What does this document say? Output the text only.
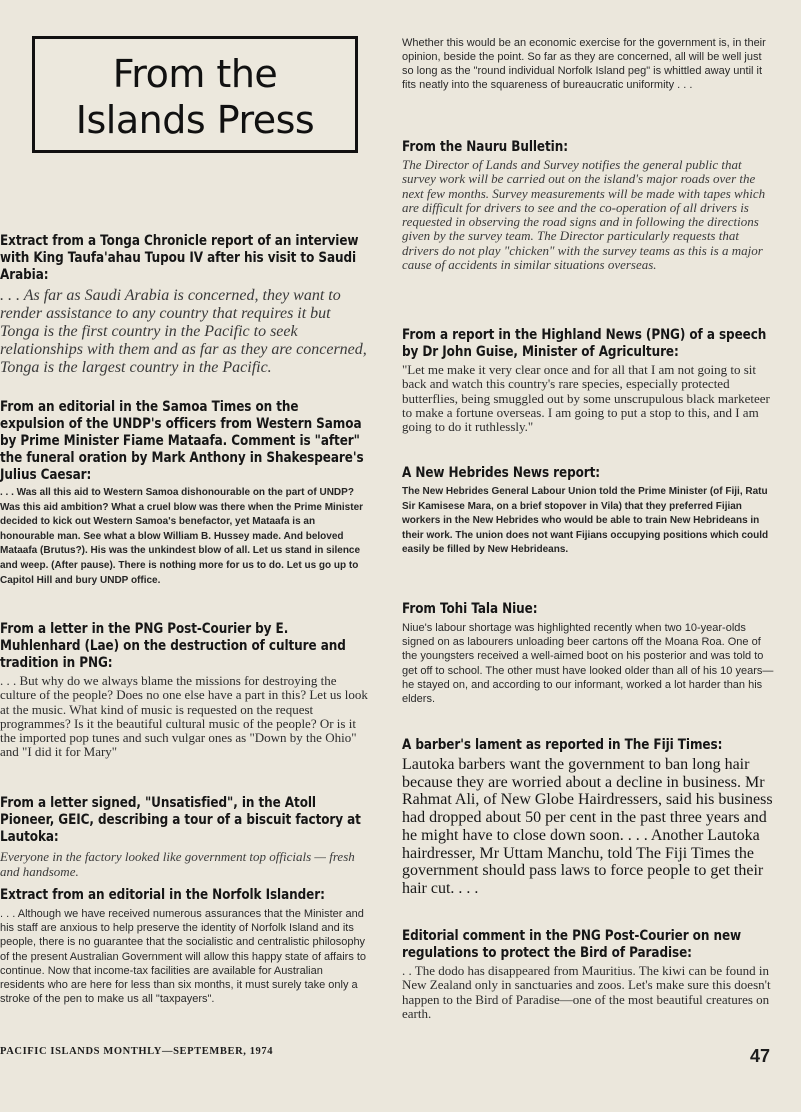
From the
Islands Press

Extract from a Tonga Chronicle report of an interview with King Taufa'ahau Tupou IV after his visit to Saudi Arabia:

. . . As far as Saudi Arabia is concerned, they want to render assistance to any country that requires it but Tonga is the first country in the Pacific to seek relationships with them and as far as they are concerned, Tonga is the largest country in the Pacific.

From an editorial in the Samoa Times on the expulsion of the UNDP's officers from Western Samoa by Prime Minister Fiame Mataafa. Comment is "after" the funeral oration by Mark Anthony in Shakespeare's Julius Caesar:

. . . Was all this aid to Western Samoa dishonourable on the part of UNDP? Was this aid ambition? What a cruel blow was there when the Prime Minister decided to kick out Western Samoa's benefactor, yet Mataafa is an honourable man. See what a blow William B. Hussey made. And beloved Mataafa (Brutus?). His was the unkindest blow of all. Let us stand in silence and weep. (After pause). There is nothing more for us to do. Let us go up to Capitol Hill and bury UNDP office.

From a letter in the PNG Post-Courier by E. Muhlenhard (Lae) on the destruction of culture and tradition in PNG:

. . . But why do we always blame the missions for destroying the culture of the people? Does no one else have a part in this? Let us look at the music. What kind of music is requested on the request programmes? Is it the beautiful cultural music of the people? Or is it the imported pop tunes and such vulgar ones as "Down by the Ohio" and "I did it for Mary"

From a letter signed, "Unsatisfied", in the Atoll Pioneer, GEIC, describing a tour of a biscuit factory at Lautoka:

Everyone in the factory looked like government top officials — fresh and handsome.

Extract from an editorial in the Norfolk Islander:

. . . Although we have received numerous assurances that the Minister and his staff are anxious to help preserve the identity of Norfolk Island and its people, there is no guarantee that the socialistic and centralistic philosophy of the present Australian Government will allow this happy state of affairs to continue. Now that income-tax facilities are available for Australian residents who are here for less than six months, it must surely take only a stroke of the pen to make us all "taxpayers".

PACIFIC ISLANDS MONTHLY—SEPTEMBER, 1974

Whether this would be an economic exercise for the government is, in their opinion, beside the point. So far as they are concerned, all will be well just so long as the "round individual Norfolk Island peg" is whittled away until it fits neatly into the squareness of bureaucratic uniformity . . .

From the Nauru Bulletin:

The Director of Lands and Survey notifies the general public that survey work will be carried out on the island's major roads over the next few months. Survey measurements will be made with tapes which are difficult for drivers to see and the co-operation of all drivers is requested in observing the road signs and in following the directions given by the survey team. The Director particularly requests that drivers do not play "chicken" with the survey teams as this is a major cause of accidents in similar situations overseas.

From a report in the Highland News (PNG) of a speech by Dr John Guise, Minister of Agriculture:

"Let me make it very clear once and for all that I am not going to sit back and watch this country's rare species, especially protected butterflies, being smuggled out by some unscrupulous black marketeer to make a fortune overseas. I am going to put a stop to this, and I am going to do it ruthlessly."

A New Hebrides News report:

The New Hebrides General Labour Union told the Prime Minister (of Fiji, Ratu Sir Kamisese Mara, on a brief stopover in Vila) that they preferred Fijian workers in the New Hebrides who would be able to train New Hebrideans in their work. The union does not want Fijians occupying positions which could easily be filled by New Hebrideans.

From Tohi Tala Niue:

Niue's labour shortage was highlighted recently when two 10-year-olds signed on as labourers unloading beer cartons off the Moana Roa. One of the youngsters received a well-aimed boot on his posterior and was told to get off to school. The other must have looked older than all of his 10 years—he stayed on, and according to our informant, worked a lot harder than his elders.

A barber's lament as reported in The Fiji Times:

Lautoka barbers want the government to ban long hair because they are worried about a decline in business. Mr Rahmat Ali, of New Globe Hairdressers, said his business had dropped about 50 per cent in the past three years and he might have to close down soon. . . . Another Lautoka hairdresser, Mr Uttam Manchu, told The Fiji Times the government should pass laws to force people to get their hair cut. . . .

Editorial comment in the PNG Post-Courier on new regulations to protect the Bird of Paradise:

. . The dodo has disappeared from Mauritius. The kiwi can be found in New Zealand only in sanctuaries and zoos. Let's make sure this doesn't happen to the Bird of Paradise—one of the most beautiful creatures on earth.

47
